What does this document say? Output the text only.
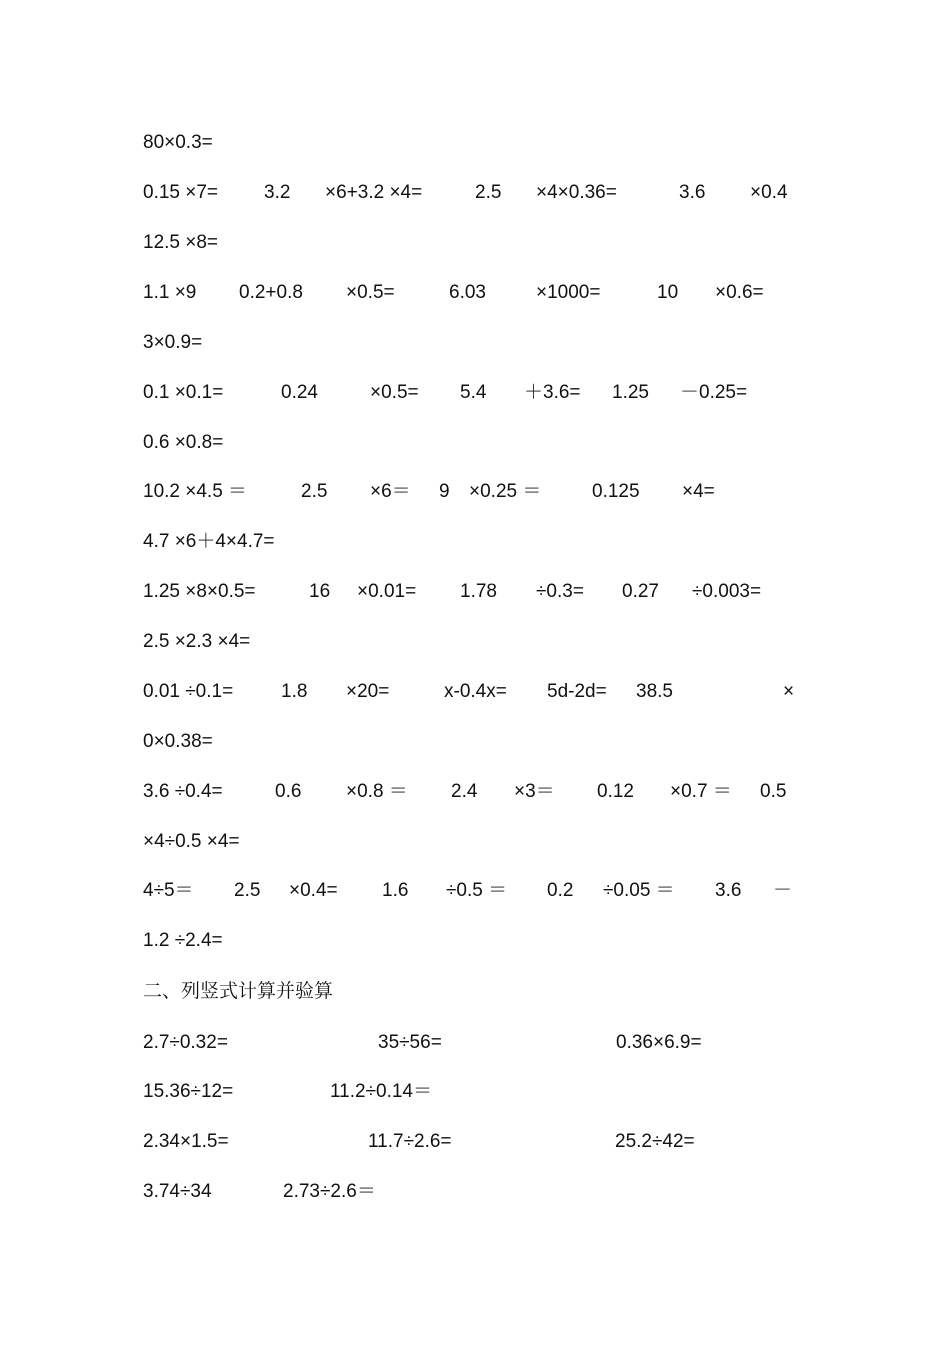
80×0.3=
0.15 ×7= 3.2 ×6+3.2 ×4=	2.5 ×4×0.36=	3.6 ×0.4
12.5 ×8=
1.1 ×9 0.2+0.8 ×0.5=	6.03	×1000=	10 ×0.6=
3×0.9=
0.1 ×0.1=	0.24	×0.5= 5.4 ＋3.6= 1.25 －0.25=
0.6 ×0.8=
10.2 ×4.5 ＝	2.5 ×6＝ 9 ×0.25 ＝	0.125 ×4=
4.7 ×6＋4×4.7=
1.25 ×8×0.5=	16 ×0.01= 1.78 ÷0.3= 0.27 ÷0.003=
2.5 ×2.3 ×4=
0.01 ÷0.1=	1.8 ×20=	x-0.4x= 5d-2d= 38.5	×
0×0.38=
3.6 ÷0.4=	0.6 ×0.8 ＝ 2.4 ×3＝ 0.12 ×0.7 ＝ 0.5
×4÷0.5 ×4=
4÷5＝ 2.5 ×0.4= 1.6 ÷0.5 ＝ 0.2 ÷0.05 ＝ 3.6 －
1.2 ÷2.4=
二、列竖式计算并验算
2.7÷0.32=	35÷56=	0.36×6.9=
15.36÷12=	11.2÷0.14＝
2.34×1.5=	11.7÷2.6=	25.2÷42=
3.74÷34	2.73÷2.6＝
